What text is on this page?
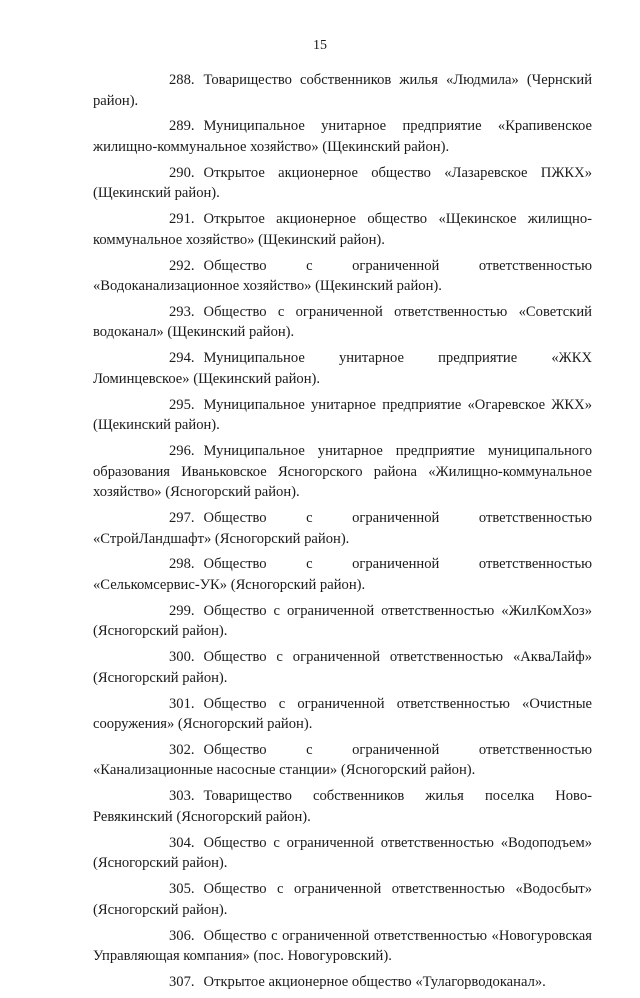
15

288. Товарищество собственников жилья «Людмила» (Чернский район).

289. Муниципальное унитарное предприятие «Крапивенское жилищно-коммунальное хозяйство» (Щекинский район).

290. Открытое акционерное общество «Лазаревское ПЖКХ» (Щекинский район).

291. Открытое акционерное общество «Щекинское жилищно-коммунальное хозяйство» (Щекинский район).

292. Общество с ограниченной ответственностью «Водоканализационное хозяйство» (Щекинский район).

293. Общество с ограниченной ответственностью «Советский водоканал» (Щекинский район).

294. Муниципальное унитарное предприятие «ЖКХ Ломинцевское» (Щекинский район).

295. Муниципальное унитарное предприятие «Огаревское ЖКХ» (Щекинский район).

296. Муниципальное унитарное предприятие муниципального образования Иваньковское Ясногорского района «Жилищно-коммунальное хозяйство» (Ясногорский район).

297. Общество с ограниченной ответственностью «СтройЛандшафт» (Ясногорский район).

298. Общество с ограниченной ответственностью «Селькомсервис-УК» (Ясногорский район).

299. Общество с ограниченной ответственностью «ЖилКомХоз» (Ясногорский район).

300. Общество с ограниченной ответственностью «АкваЛайф» (Ясногорский район).

301. Общество с ограниченной ответственностью «Очистные сооружения» (Ясногорский район).

302. Общество с ограниченной ответственностью «Канализационные насосные станции» (Ясногорский район).

303. Товарищество собственников жилья поселка Ново-Ревякинский (Ясногорский район).

304. Общество с ограниченной ответственностью «Водоподъем» (Ясногорский район).

305. Общество с ограниченной ответственностью «Водосбыт» (Ясногорский район).

306. Общество с ограниченной ответственностью «Новогуровская Управляющая компания» (пос. Новогуровский).

307. Открытое акционерное общество «Тулагорводоканал».
